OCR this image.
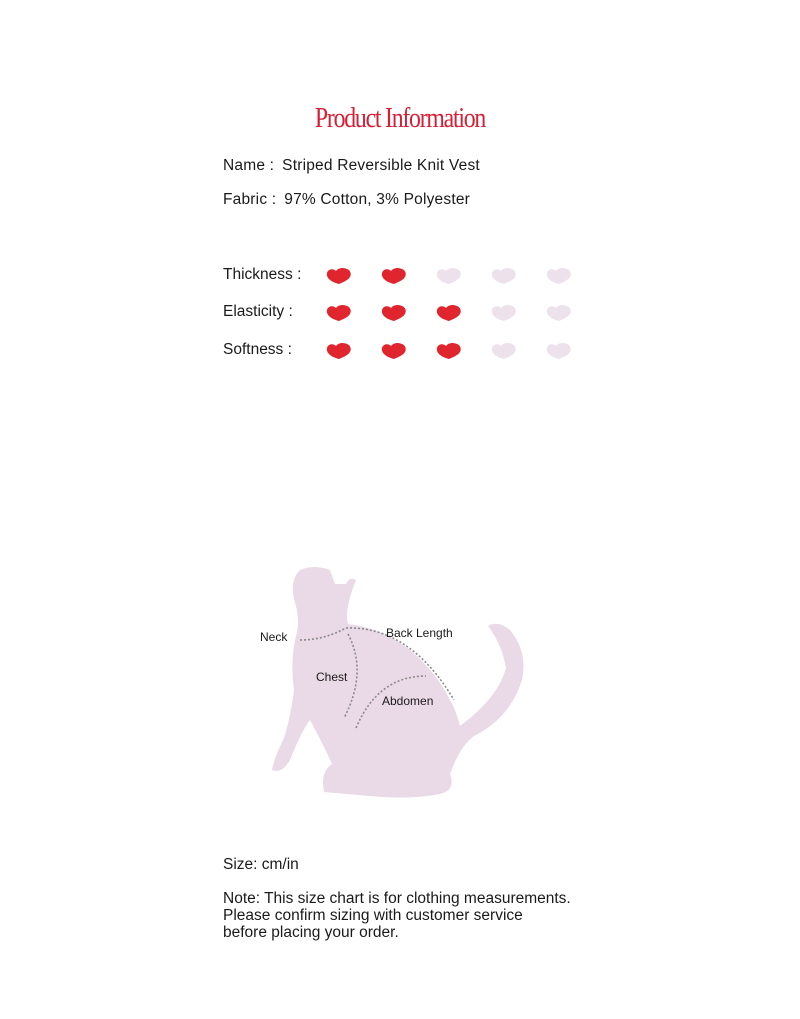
Product Information
Name : Striped Reversible Knit Vest
Fabric : 97% Cotton, 3% Polyester
Thickness :
Elasticity :
Softness :
Neck	Back Length
Chest
Abdomen
Size: cm/in
Note: This size chart is for clothing measurements.
Please confirm sizing with customer service
before placing your order.
